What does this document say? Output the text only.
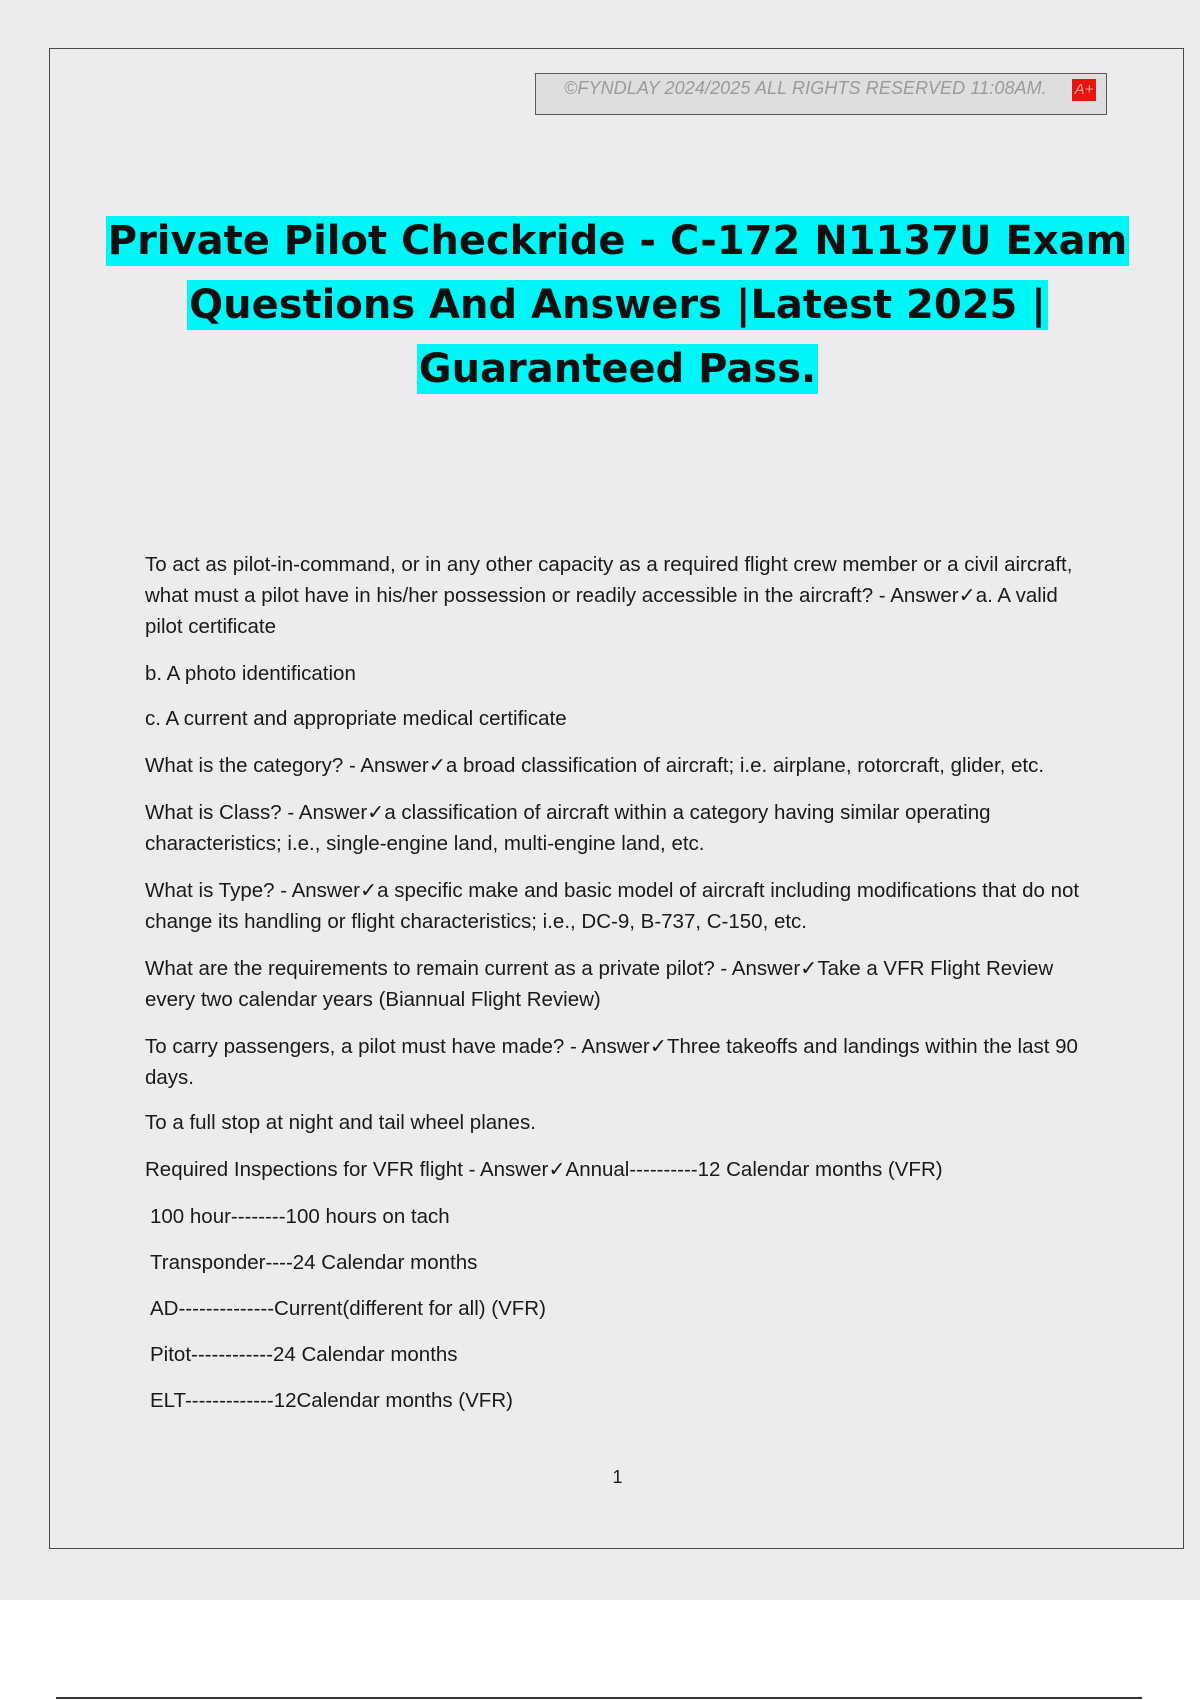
©FYNDLAY 2024/2025 ALL RIGHTS RESERVED 11:08AM. A+
Private Pilot Checkride - C-172 N1137U Exam
Questions And Answers |Latest 2025 |
Guaranteed Pass.

To act as pilot-in-command, or in any other capacity as a required flight crew member or a civil aircraft, what must a pilot have in his/her possession or readily accessible in the aircraft? - Answer✓a. A valid pilot certificate

b. A photo identification

c. A current and appropriate medical certificate

What is the category? - Answer✓a broad classification of aircraft; i.e. airplane, rotorcraft, glider, etc.

What is Class? - Answer✓a classification of aircraft within a category having similar operating characteristics; i.e., single-engine land, multi-engine land, etc.

What is Type? - Answer✓a specific make and basic model of aircraft including modifications that do not change its handling or flight characteristics; i.e., DC-9, B-737, C-150, etc.

What are the requirements to remain current as a private pilot? - Answer✓Take a VFR Flight Review every two calendar years (Biannual Flight Review)

To carry passengers, a pilot must have made? - Answer✓Three takeoffs and landings within the last 90 days.

To a full stop at night and tail wheel planes.

Required Inspections for VFR flight - Answer✓Annual----------12 Calendar months (VFR)

100 hour--------100 hours on tach

Transponder----24 Calendar months

AD--------------Current(different for all) (VFR)

Pitot------------24 Calendar months

ELT-------------12Calendar months (VFR)

1
